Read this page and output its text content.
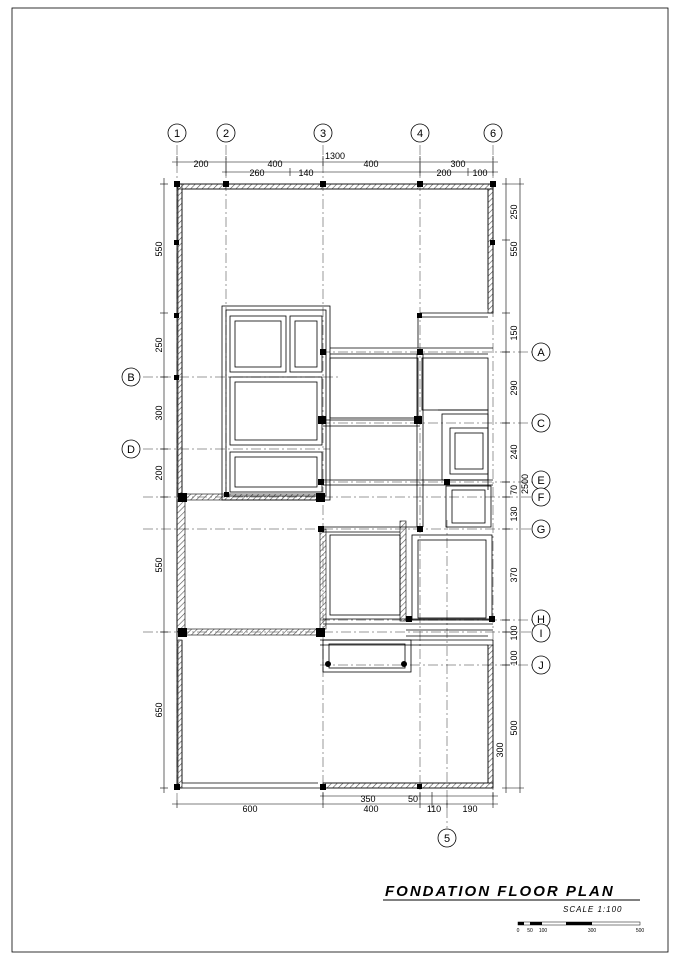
1	2	3	4	6
5
A
C
E
F
G
H
I
J
B
D
200	400
1300
400	300
260	140	200 100
550
250
300
200
550
650
250
550
150
290
240
70
130
370
100
100
500
300
2500
350	50
600	400	110 190
FONDATION FLOOR PLAN
SCALE 1:100
0 50 100	300	500
